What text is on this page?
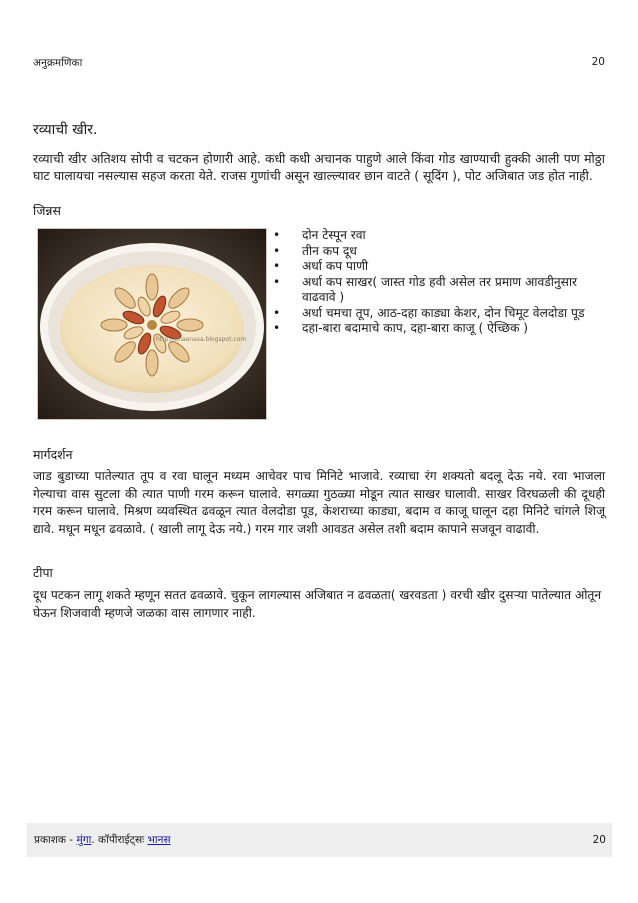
अनुक्रमणिका	20
रव्याची खीर.

रव्याची खीर अतिशय सोपी व चटकन होणारी आहे. कधी कधी अचानक पाहुणे आले किंवा गोड खाण्याची हुक्की आली पण मोठ्ठा घाट घालायचा नसल्यास सहज करता येते. राजस गुणांची असून खाल्ल्यावर छान वाटते ( सूदिंग ), पोट अजिबात जड होत नाही.

जिन्नस
http://bhaanasa.blogspot.com
• दोन टेस्पून रवा
• तीन कप दूध
• अर्धा कप पाणी
• अर्धा कप साखर( जास्त गोड हवी असेल तर प्रमाण आवडीनुसार वाढवावे )
• अर्धा चमचा तूप, आठ-दहा काड्या केशर, दोन चिमूट वेलदोडा पूड
• दहा-बारा बदामाचे काप, दहा-बारा काजू ( ऐच्छिक )
मार्गदर्शन

जाड बुडाच्या पातेल्यात तूप व रवा घालून मध्यम आचेवर पाच मिनिटे भाजावे. रव्याचा रंग शक्यतो बदलू देऊ नये. रवा भाजला गेल्याचा वास सुटला की त्यात पाणी गरम करून घालावे. सगळ्या गुठळ्या मोडून त्यात साखर घालावी. साखर विरघळली की दूधही गरम करून घालावे. मिश्रण व्यवस्थित ढवळून त्यात वेलदोडा पूड, केशराच्या काड्या, बदाम व काजू घालून दहा मिनिटे चांगले शिजू द्यावे. मधून मधून ढवळावे. ( खाली लागू देऊ नये.) गरम गार जशी आवडत असेल तशी बदाम कापाने सजवून वाढावी.

टीपा

दूध पटकन लागू शकते म्हणून सतत ढवळावे. चुकून लागल्यास अजिबात न ढवळता( खरवडता ) वरची खीर दुसऱ्या पातेल्यात ओतून घेऊन शिजवावी म्हणजे जळका वास लागणार नाही.

प्रकाशक - मुंगा. कॉपीराईट्सः भानस	20
